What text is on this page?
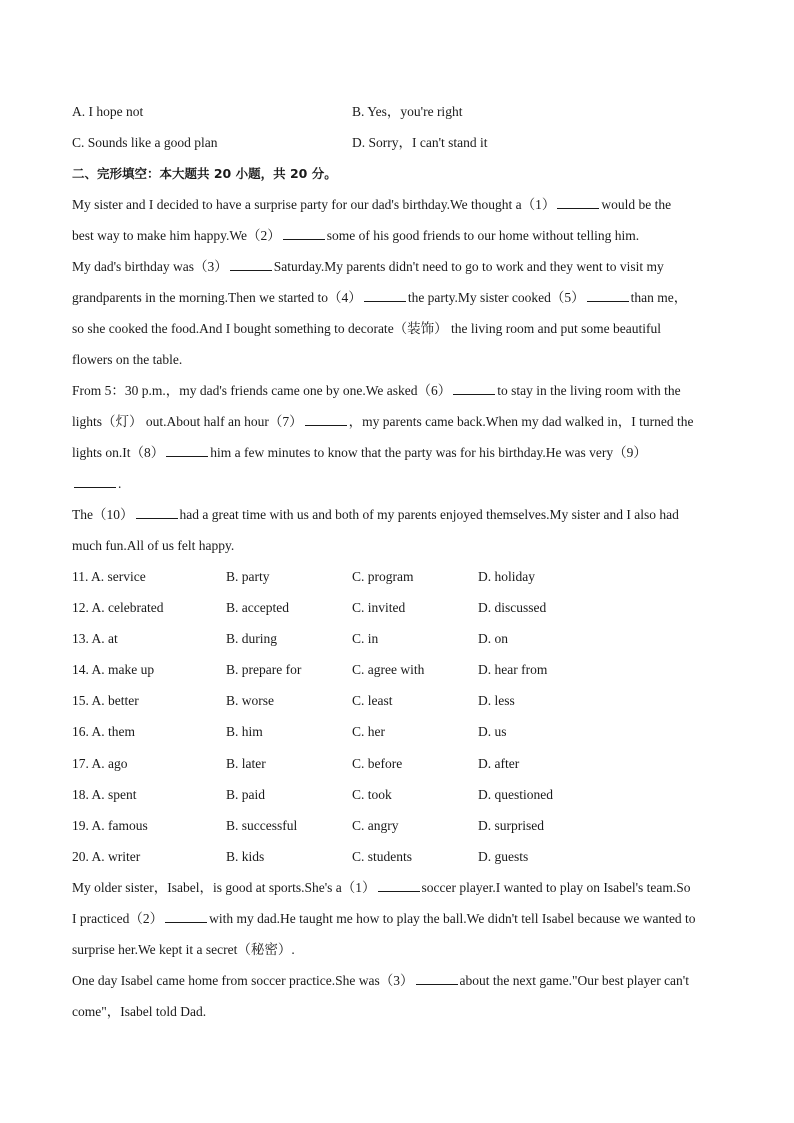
A. I hope not	B. Yes，you're right
C. Sounds like a good plan	D. Sorry，I can't stand it
二、完形填空：本大题共 20 小题，共 20 分。
My sister and I decided to have a surprise party for our dad's birthday.We thought a（1）	would be the
best way to make him happy.We（2）	some of his good friends to our home without telling him.
My dad's birthday was（3）	Saturday.My parents didn't need to go to work and they went to visit my
grandparents in the morning.Then we started to（4）	the party.My sister cooked（5）	than me，
so she cooked the food.And I bought something to decorate（装饰） the living room and put some beautiful
flowers on the table.
From 5：30 p.m.，my dad's friends came one by one.We asked（6）	to stay in the living room with the
lights（灯） out.About half an hour（7）	，my parents came back.When my dad walked in，I turned the
lights on.It（8）	him a few minutes to know that the party was for his birthday.He was very（9）
.
The（10）	had a great time with us and both of my parents enjoyed themselves.My sister and I also had
much fun.All of us felt happy.
11. A. service	B. party	C. program	D. holiday
12. A. celebrated	B. accepted	C. invited	D. discussed
13. A. at	B. during	C. in	D. on
14. A. make up	B. prepare for	C. agree with	D. hear from
15. A. better	B. worse	C. least	D. less
16. A. them	B. him	C. her	D. us
17. A. ago	B. later	C. before	D. after
18. A. spent	B. paid	C. took	D. questioned
19. A. famous	B. successful	C. angry	D. surprised
20. A. writer	B. kids	C. students	D. guests
My older sister，Isabel，is good at sports.She's a（1）	soccer player.I wanted to play on Isabel's team.So
I practiced（2）	with my dad.He taught me how to play the ball.We didn't tell Isabel because we wanted to
surprise her.We kept it a secret（秘密）.
One day Isabel came home from soccer practice.She was（3）	about the next game."Our best player can't
come"，Isabel told Dad.
